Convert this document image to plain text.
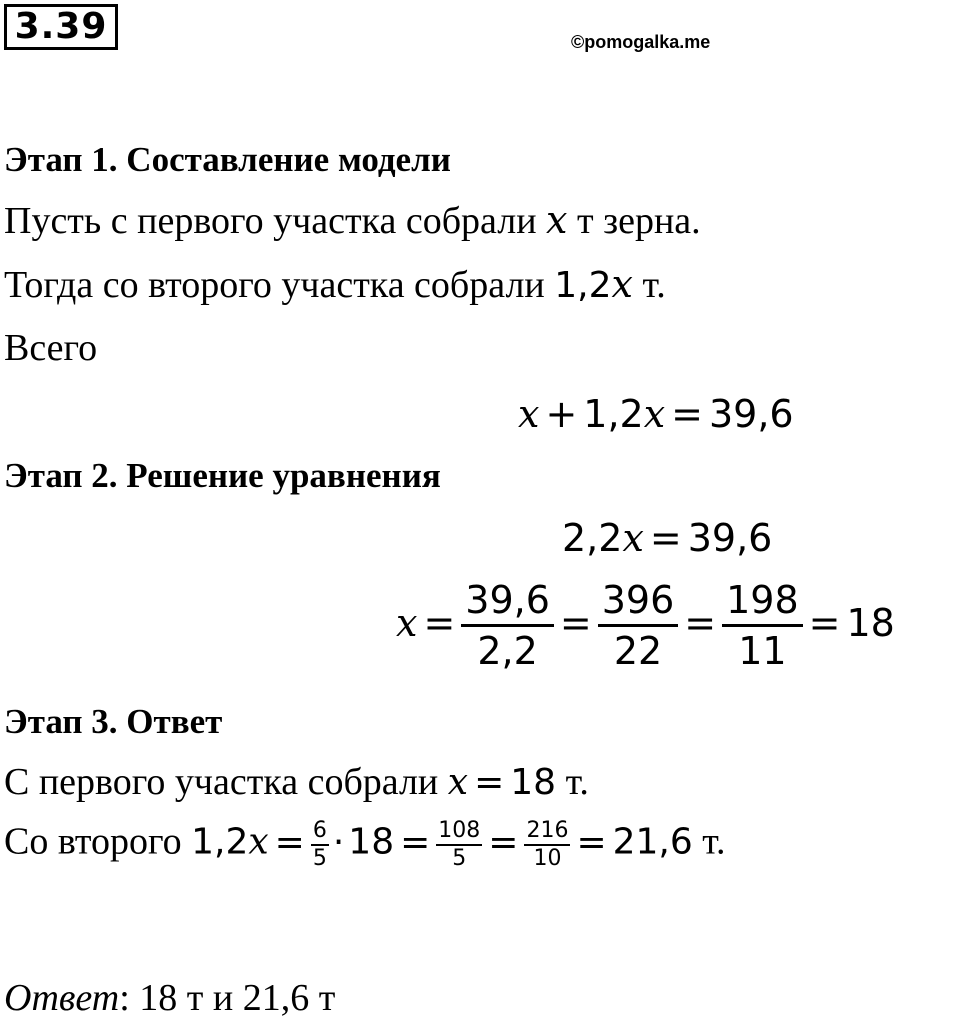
3.39	©pomogalka.me
Этап 1. Составление модели
Пусть с первого участка собрали x т зерна.
Тогда со второго участка собрали 1,2x т.
Всего
x + 1,2x = 39,6
Этап 2. Решение уравнения
2,2x = 39,6
$x = \frac{39,6}{2,2} = \frac{396}{22} = \frac{198}{11} = 18$
Этап 3. Ответ
С первого участка собрали x = 18 т.
Со второго $1,2x = \frac{6}{5} \cdot 18 = \frac{108}{5} = \frac{216}{10} = 21,6$ т.
Ответ: 18 т и 21,6 т
